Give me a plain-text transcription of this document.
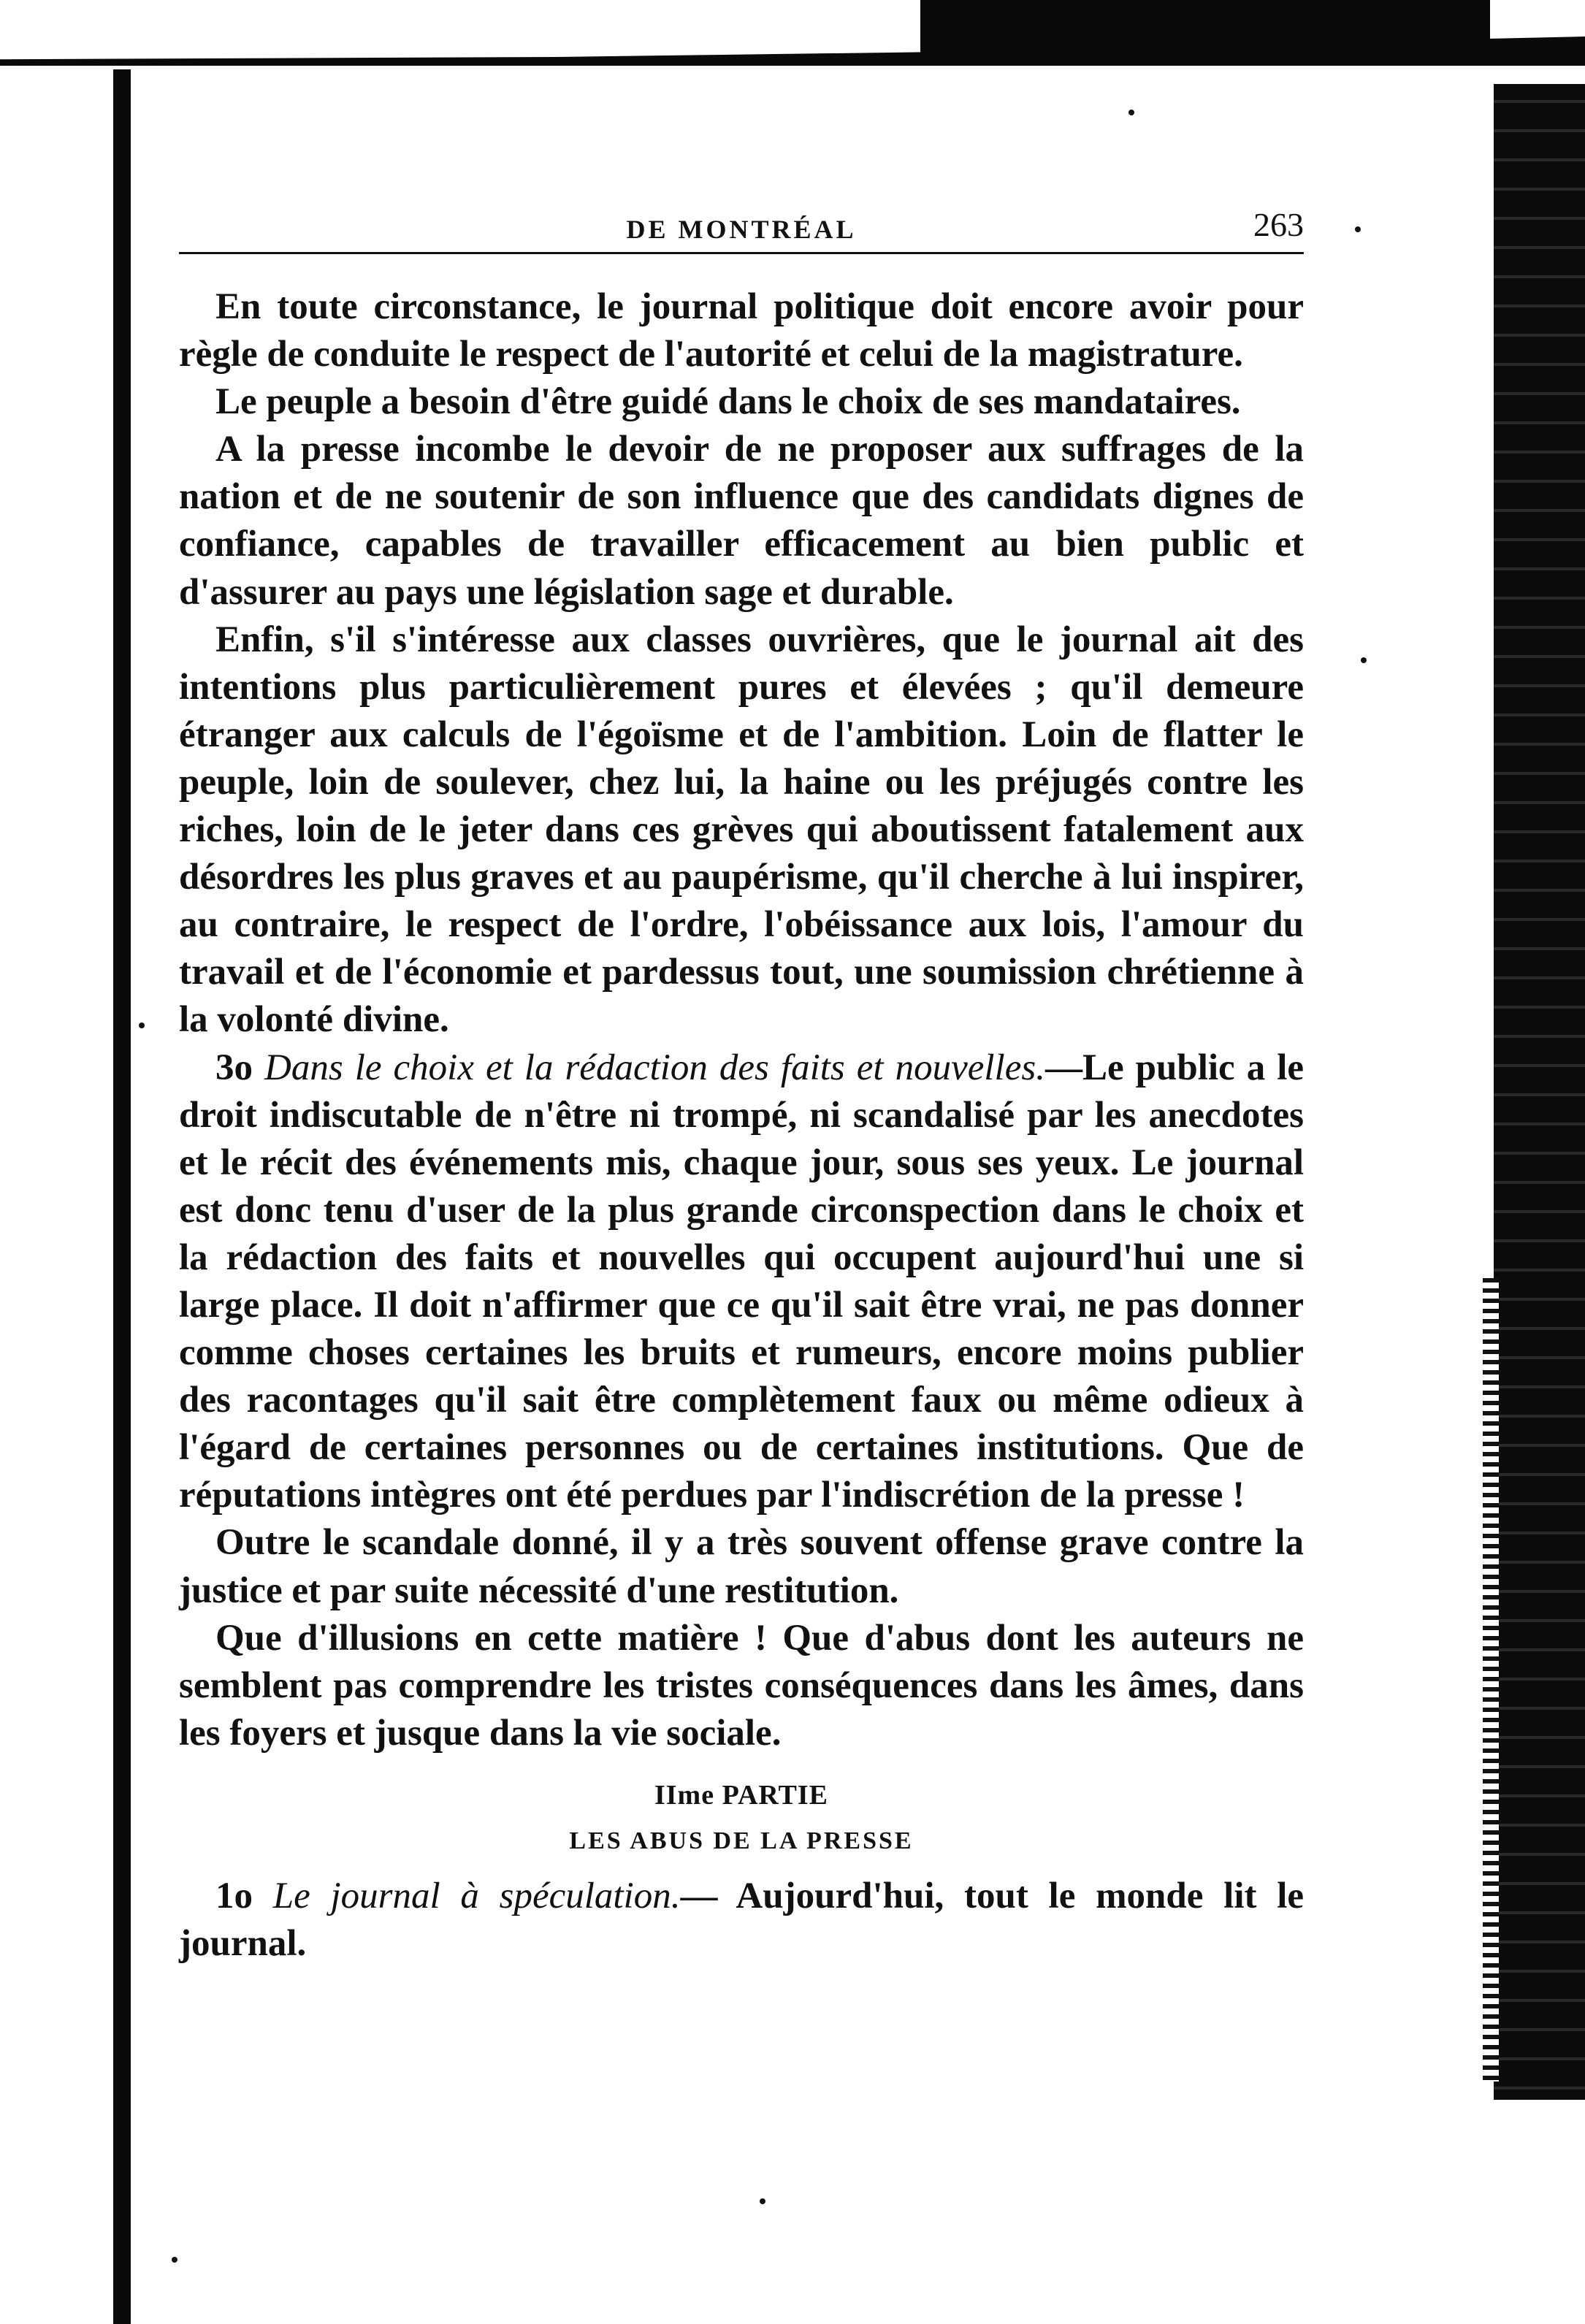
DE MONTRÉAL	263

En toute circonstance, le journal politique doit encore avoir pour règle de conduite le respect de l'autorité et celui de la magistrature.

Le peuple a besoin d'être guidé dans le choix de ses mandataires.

A la presse incombe le devoir de ne proposer aux suffrages de la nation et de ne soutenir de son influence que des candidats dignes de confiance, capables de travailler efficacement au bien public et d'assurer au pays une législation sage et durable.

Enfin, s'il s'intéresse aux classes ouvrières, que le journal ait des intentions plus particulièrement pures et élevées ; qu'il demeure étranger aux calculs de l'égoïsme et de l'ambition. Loin de flatter le peuple, loin de soulever, chez lui, la haine ou les préjugés contre les riches, loin de le jeter dans ces grèves qui aboutissent fatalement aux désordres les plus graves et au paupérisme, qu'il cherche à lui inspirer, au contraire, le respect de l'ordre, l'obéissance aux lois, l'amour du travail et de l'économie et pardessus tout, une soumission chrétienne à la volonté divine.

3o Dans le choix et la rédaction des faits et nouvelles.—Le public a le droit indiscutable de n'être ni trompé, ni scandalisé par les anecdotes et le récit des événements mis, chaque jour, sous ses yeux. Le journal est donc tenu d'user de la plus grande circonspection dans le choix et la rédaction des faits et nouvelles qui occupent aujourd'hui une si large place. Il doit n'affirmer que ce qu'il sait être vrai, ne pas donner comme choses certaines les bruits et rumeurs, encore moins publier des racontages qu'il sait être complètement faux ou même odieux à l'égard de certaines personnes ou de certaines institutions. Que de réputations intègres ont été perdues par l'indiscrétion de la presse !

Outre le scandale donné, il y a très souvent offense grave contre la justice et par suite nécessité d'une restitution.

Que d'illusions en cette matière ! Que d'abus dont les auteurs ne semblent pas comprendre les tristes conséquences dans les âmes, dans les foyers et jusque dans la vie sociale.

IIme PARTIE
LES ABUS DE LA PRESSE

1o Le journal à spéculation.— Aujourd'hui, tout le monde lit le journal.
